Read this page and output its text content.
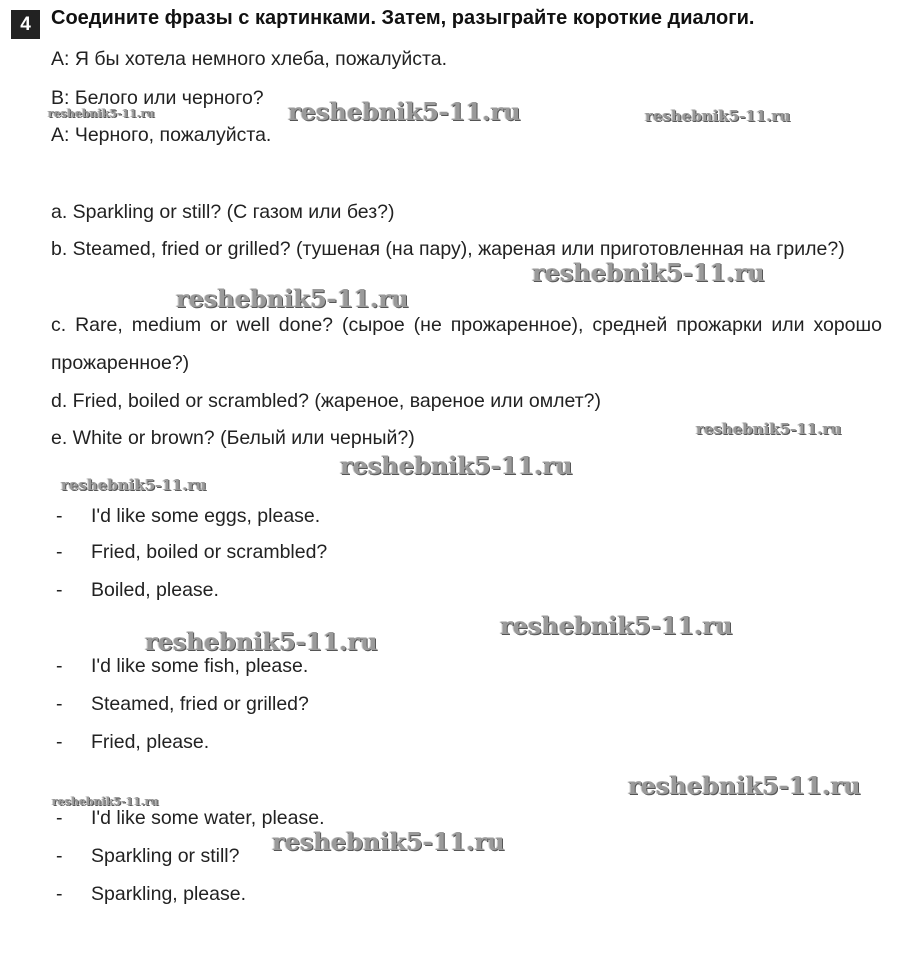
4	Соедините фразы с картинками. Затем, разыграйте короткие диалоги.
A: Я бы хотела немного хлеба, пожалуйста.
B: Белого или черного?
A: Черного, пожалуйста.
a. Sparkling or still? (С газом или без?)
b. Steamed, fried or grilled? (тушеная (на пару), жареная или приготовленная на гриле?)
c. Rare, medium or well done? (сырое (не прожаренное), средней прожарки или хорошо прожаренное?)
d. Fried, boiled or scrambled? (жареное, вареное или омлет?)
e. White or brown? (Белый или черный?)
- I'd like some eggs, please.
- Fried, boiled or scrambled?
- Boiled, please.
- I'd like some fish, please.
- Steamed, fried or grilled?
- Fried, please.
- I'd like some water, please.
- Sparkling or still?
- Sparkling, please.
reshebnik5-11.ru	reshebnik5-11.ru	reshebnik5-11.ru
reshebnik5-11.ru
reshebnik5-11.ru
reshebnik5-11.ru
reshebnik5-11.ru
reshebnik5-11.ru
reshebnik5-11.ru
reshebnik5-11.ru
reshebnik5-11.ru
reshebnik5-11.ru
reshebnik5-11.ru
